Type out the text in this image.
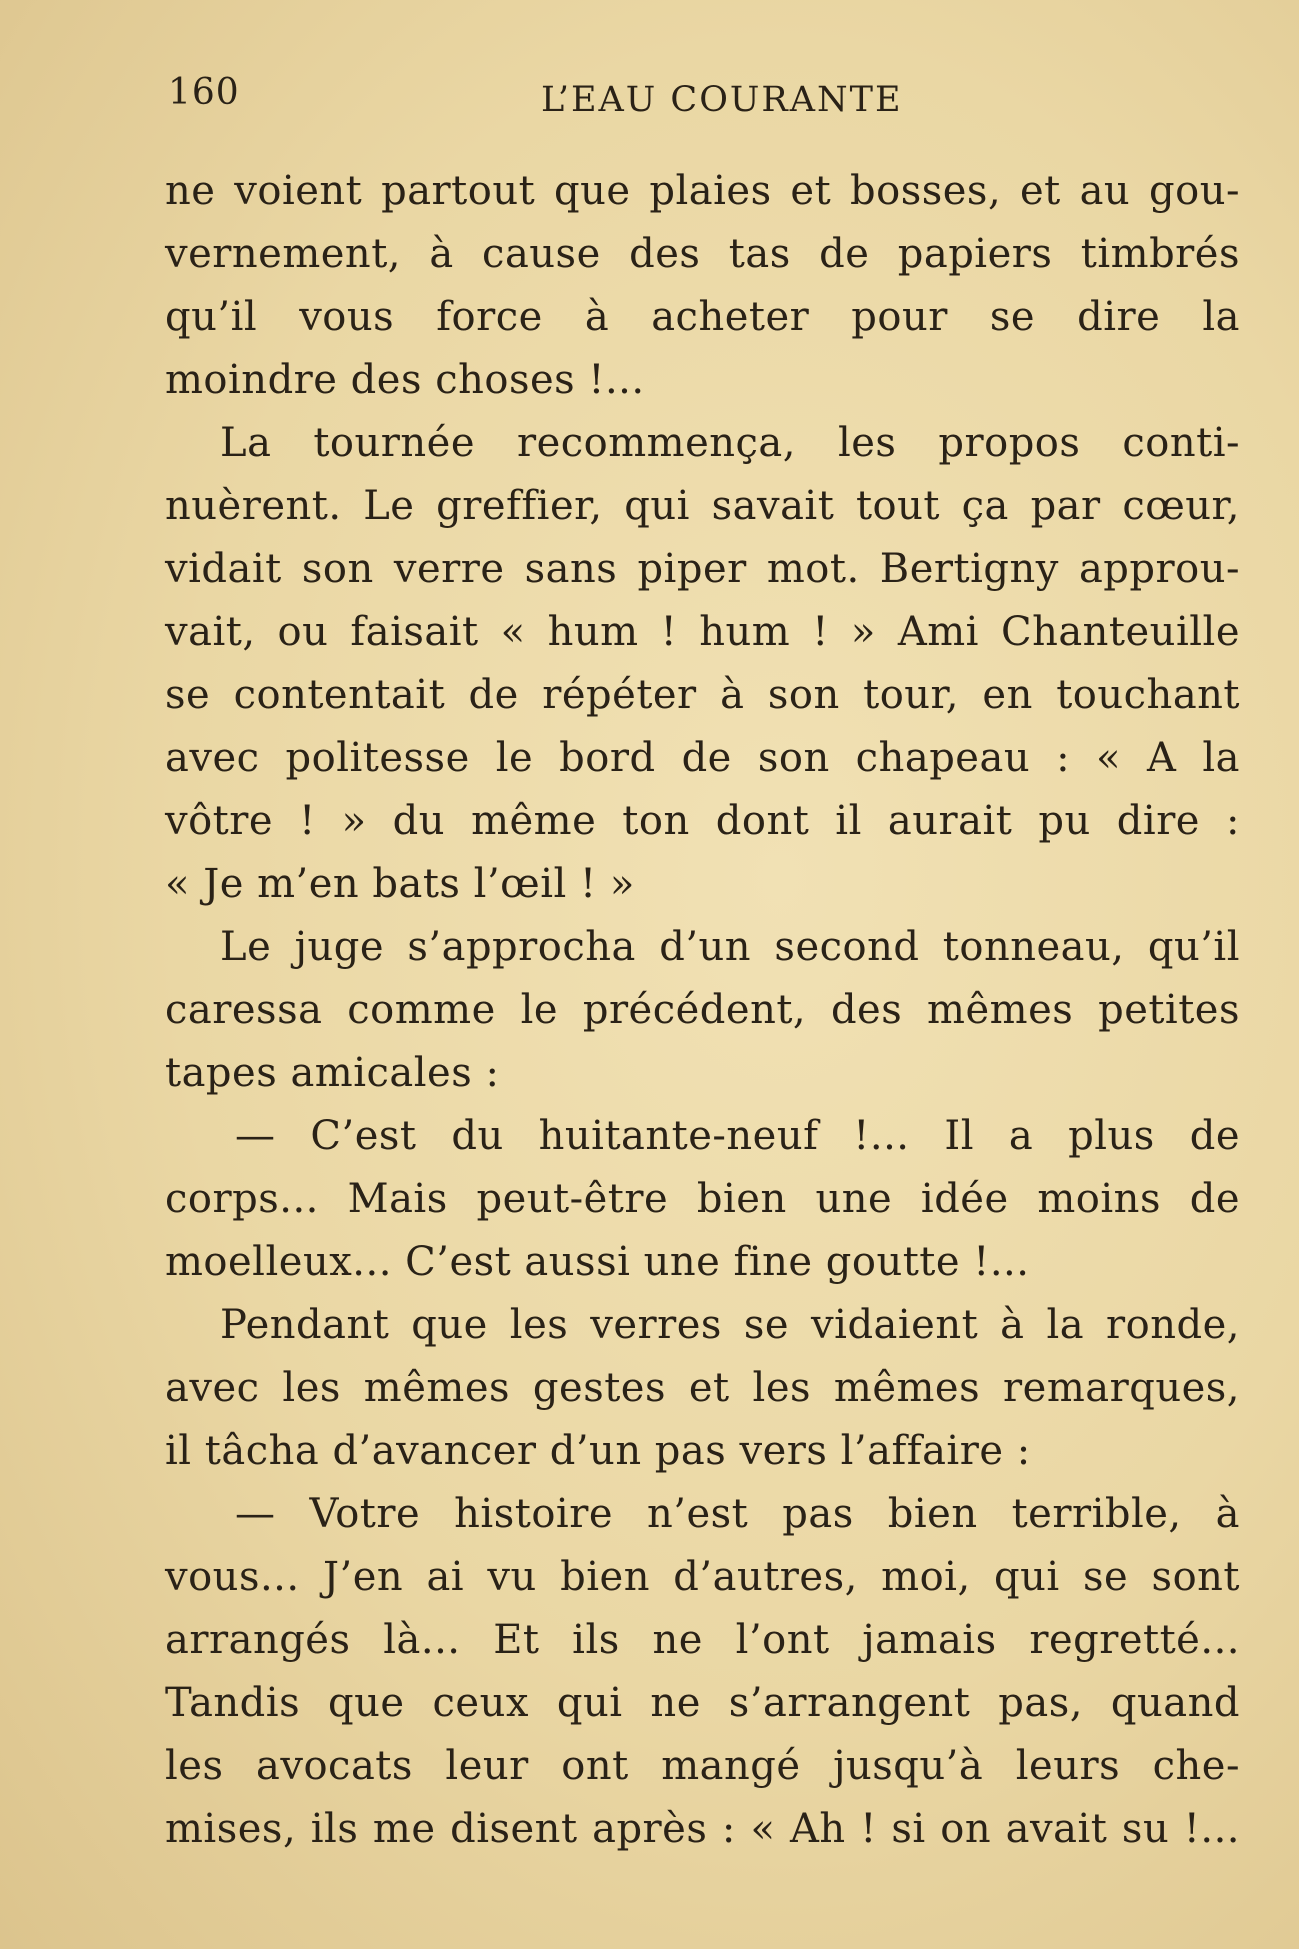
160	L’EAU COURANTE
ne voient partout que plaies et bosses, et au gou-
vernement, à cause des tas de papiers timbrés
qu’il vous force à acheter pour se dire la
moindre des choses !...
La tournée recommença, les propos conti-
nuèrent. Le greffier, qui savait tout ça par cœur,
vidait son verre sans piper mot. Bertigny approu-
vait, ou faisait « hum ! hum ! » Ami Chanteuille
se contentait de répéter à son tour, en touchant
avec politesse le bord de son chapeau : « A la
vôtre ! » du même ton dont il aurait pu dire :
« Je m’en bats l’œil ! »
Le juge s’approcha d’un second tonneau, qu’il
caressa comme le précédent, des mêmes petites
tapes amicales :
— C’est du huitante-neuf !... Il a plus de
corps... Mais peut-être bien une idée moins de
moelleux... C’est aussi une fine goutte !...
Pendant que les verres se vidaient à la ronde,
avec les mêmes gestes et les mêmes remarques,
il tâcha d’avancer d’un pas vers l’affaire :
— Votre histoire n’est pas bien terrible, à
vous... J’en ai vu bien d’autres, moi, qui se sont
arrangés là... Et ils ne l’ont jamais regretté...
Tandis que ceux qui ne s’arrangent pas, quand
les avocats leur ont mangé jusqu’à leurs che-
mises, ils me disent après : « Ah ! si on avait su !...
